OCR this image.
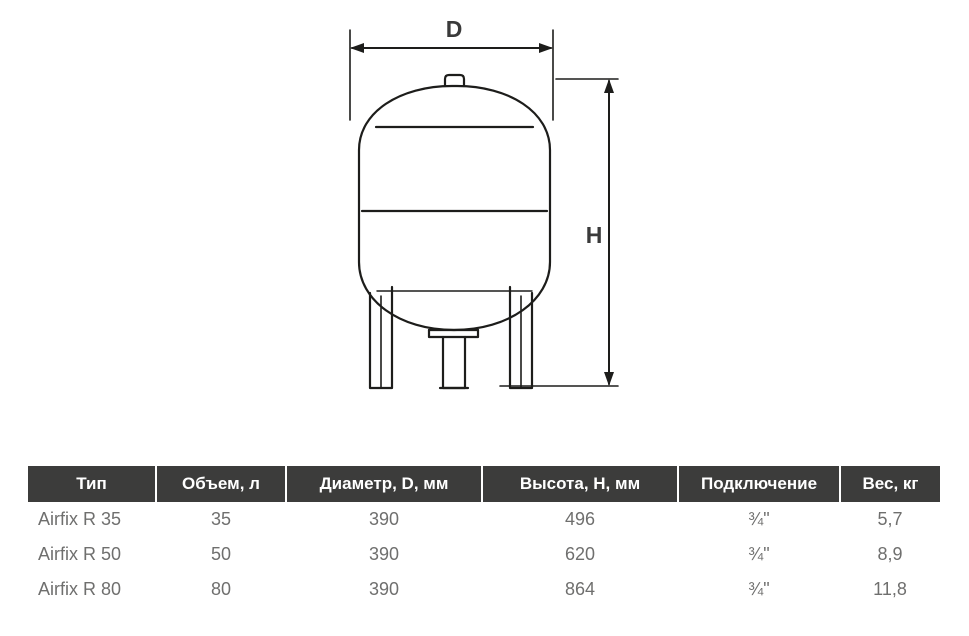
D
H
Тип	Объем, л	Диаметр, D, мм	Высота, H, мм	Подключение	Вес, кг
Airfix R 35	35	390	496	¾"	5,7
Airfix R 50	50	390	620	¾"	8,9
Airfix R 80	80	390	864	¾"	11,8
